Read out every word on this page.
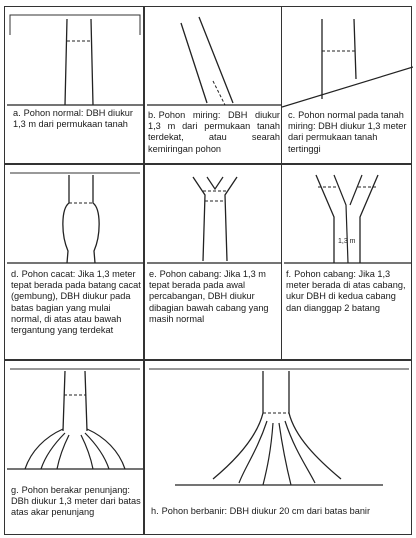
a. Pohon normal: DBH diukur 1,3 m dari permukaan tanah
b. Pohon miring: DBH diukur 1,3 m dari permukaan tanah terdekat, atau searah kemiringan pohon
c. Pohon normal pada tanah miring: DBH diukur 1,3 meter dari permukaan tanah tertinggi
d. Pohon cacat: Jika 1,3 meter tepat berada pada batang cacat (gembung), DBH diukur pada batas bagian yang mulai normal, di atas atau bawah tergantung yang terdekat
e. Pohon cabang: Jika 1,3 m tepat berada pada awal percabangan, DBH diukur dibagian bawah cabang yang masih normal
1,3 m
f. Pohon cabang: Jika 1,3 meter berada di atas cabang, ukur DBH di kedua cabang dan dianggap 2 batang
g. Pohon berakar penunjang: DBh diukur 1,3 meter dari batas atas akar penunjang	h. Pohon berbanir: DBH diukur 20 cm dari batas banir
